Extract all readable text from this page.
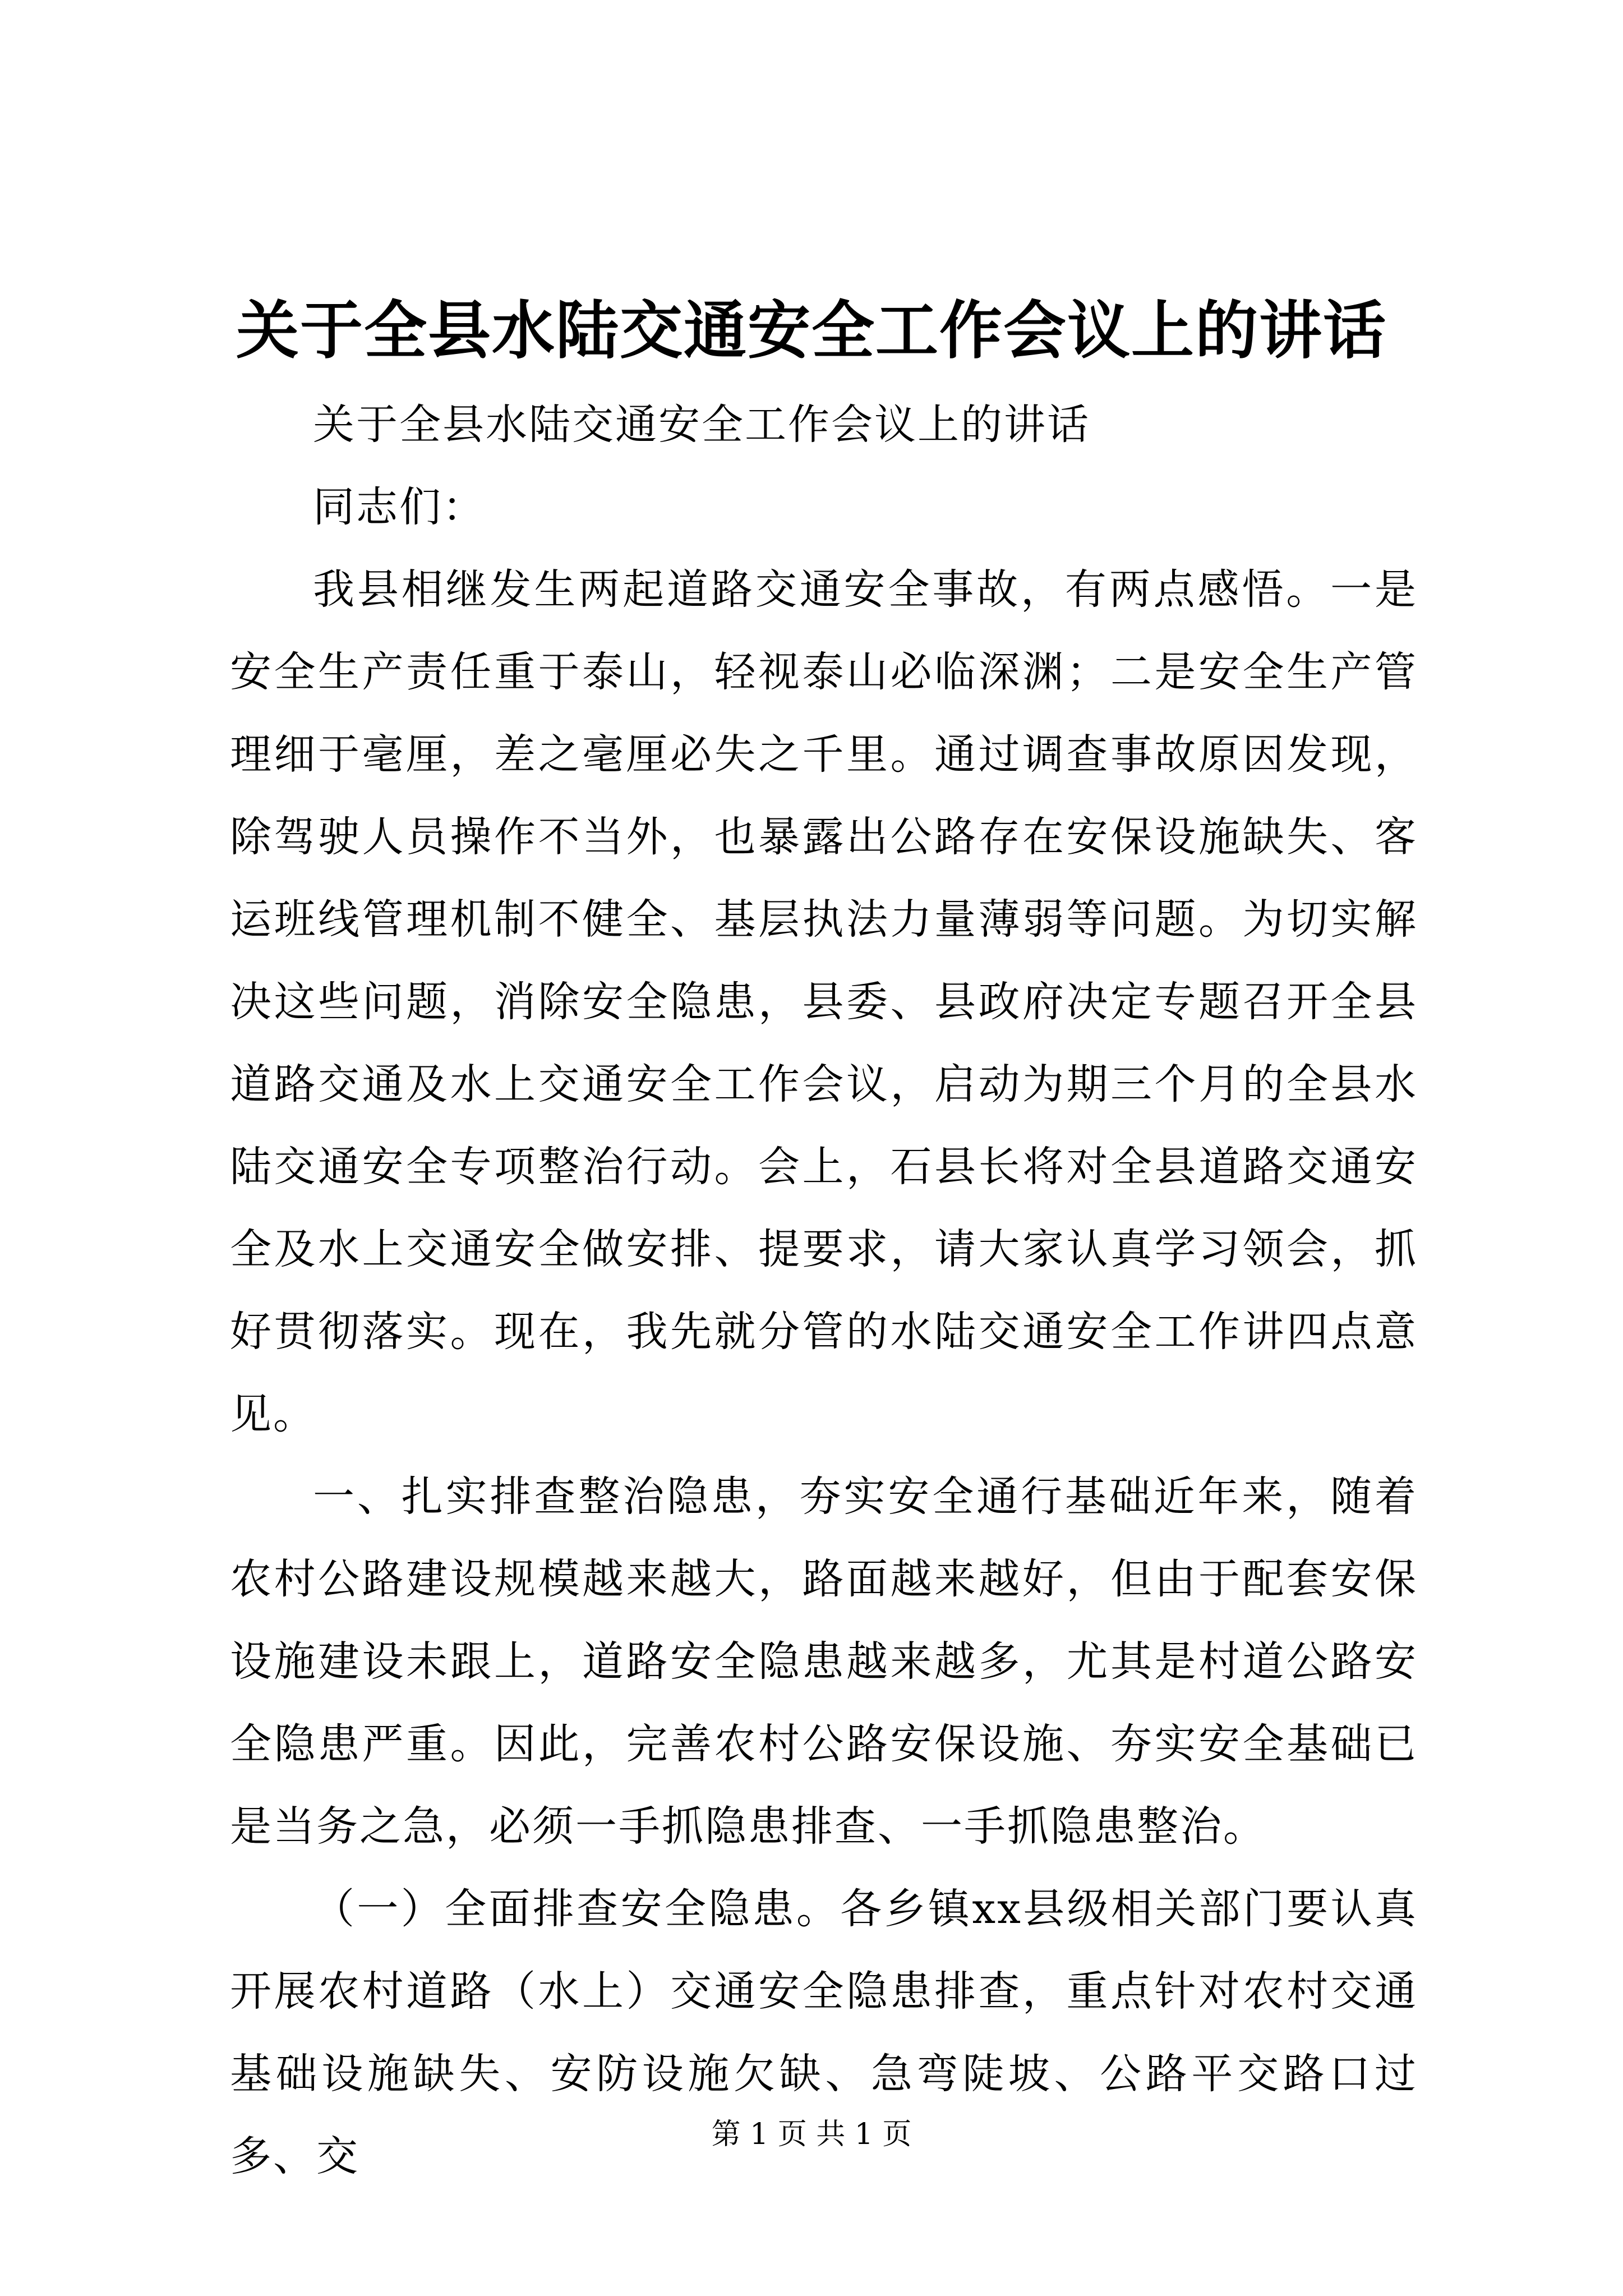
关于全县水陆交通安全工作会议上的讲话

关于全县水陆交通安全工作会议上的讲话

同志们：

我县相继发生两起道路交通安全事故，有两点感悟。一是安全生产责任重于泰山，轻视泰山必临深渊；二是安全生产管理细于毫厘，差之毫厘必失之千里。通过调查事故原因发现，除驾驶人员操作不当外，也暴露出公路存在安保设施缺失、客运班线管理机制不健全、基层执法力量薄弱等问题。为切实解决这些问题，消除安全隐患，县委、县政府决定专题召开全县道路交通及水上交通安全工作会议，启动为期三个月的全县水陆交通安全专项整治行动。会上，石县长将对全县道路交通安全及水上交通安全做安排、提要求，请大家认真学习领会，抓好贯彻落实。现在，我先就分管的水陆交通安全工作讲四点意见。

一、扎实排查整治隐患，夯实安全通行基础近年来，随着农村公路建设规模越来越大，路面越来越好，但由于配套安保设施建设未跟上，道路安全隐患越来越多，尤其是村道公路安全隐患严重。因此，完善农村公路安保设施、夯实安全基础已是当务之急，必须一手抓隐患排查、一手抓隐患整治。

（一）全面排查安全隐患。各乡镇xx县级相关部门要认真开展农村道路（水上）交通安全隐患排查，重点针对农村交通基础设施缺失、安防设施欠缺、急弯陡坡、公路平交路口过多、交	第 1 页 共 1 页
